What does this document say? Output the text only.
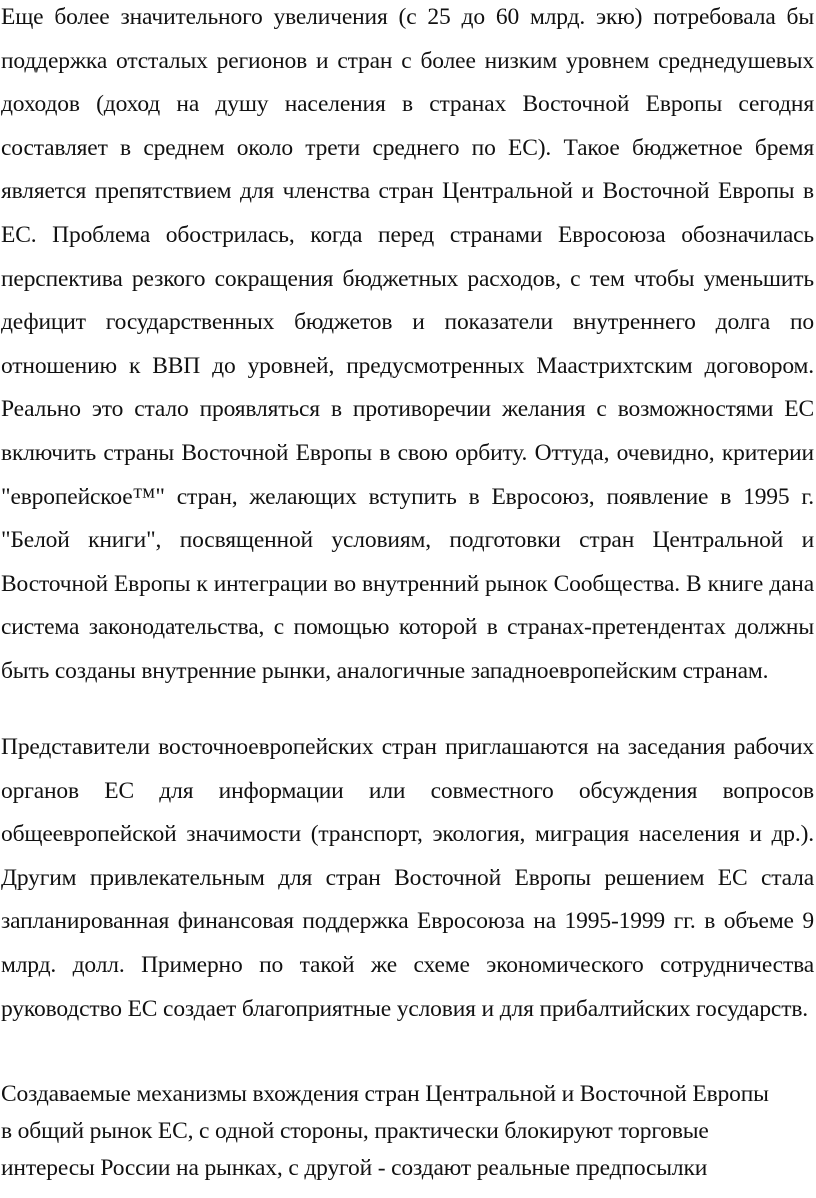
Еще более значительного увеличения (с 25 до 60 млрд. экю) потребовала бы поддержка отсталых регионов и стран с более низким уровнем среднедушевых доходов (доход на душу населения в странах Восточной Европы сегодня составляет в среднем около трети среднего по ЕС). Такое бюджетное бремя является препятствием для членства стран Центральной и Восточной Европы в ЕС. Проблема обострилась, когда перед странами Евросоюза обозначилась перспектива резкого сокращения бюджетных расходов, с тем чтобы уменьшить дефицит государственных бюджетов и показатели внутреннего долга по отношению к ВВП до уровней, предусмотренных Маастрихтским договором. Реально это стало проявляться в противоречии желания с возможностями ЕС включить страны Восточной Европы в свою орбиту. Оттуда, очевидно, критерии "европейское™" стран, желающих вступить в Евросоюз, появление в 1995 г. "Белой книги", посвященной условиям, подготовки стран Центральной и Восточной Европы к интеграции во внутренний рынок Сообщества. В книге дана система законодательства, с помощью которой в странах-претендентах должны быть созданы внутренние рынки, аналогичные западноевропейским странам.

Представители восточноевропейских стран приглашаются на заседания рабочих органов ЕС для информации или совместного обсуждения вопросов общеевропейской значимости (транспорт, экология, миграция населения и др.). Другим привлекательным для стран Восточной Европы решением ЕС стала запланированная финансовая поддержка Евросоюза на 1995-1999 гг. в объеме 9 млрд. долл. Примерно по такой же схеме экономического сотрудничества руководство ЕС создает благоприятные условия и для прибалтийских государств.

Создаваемые механизмы вхождения стран Центральной и Восточной Европы в общий рынок ЕС, с одной стороны, практически блокируют торговые интересы России на рынках, с другой - создают реальные предпосылки
